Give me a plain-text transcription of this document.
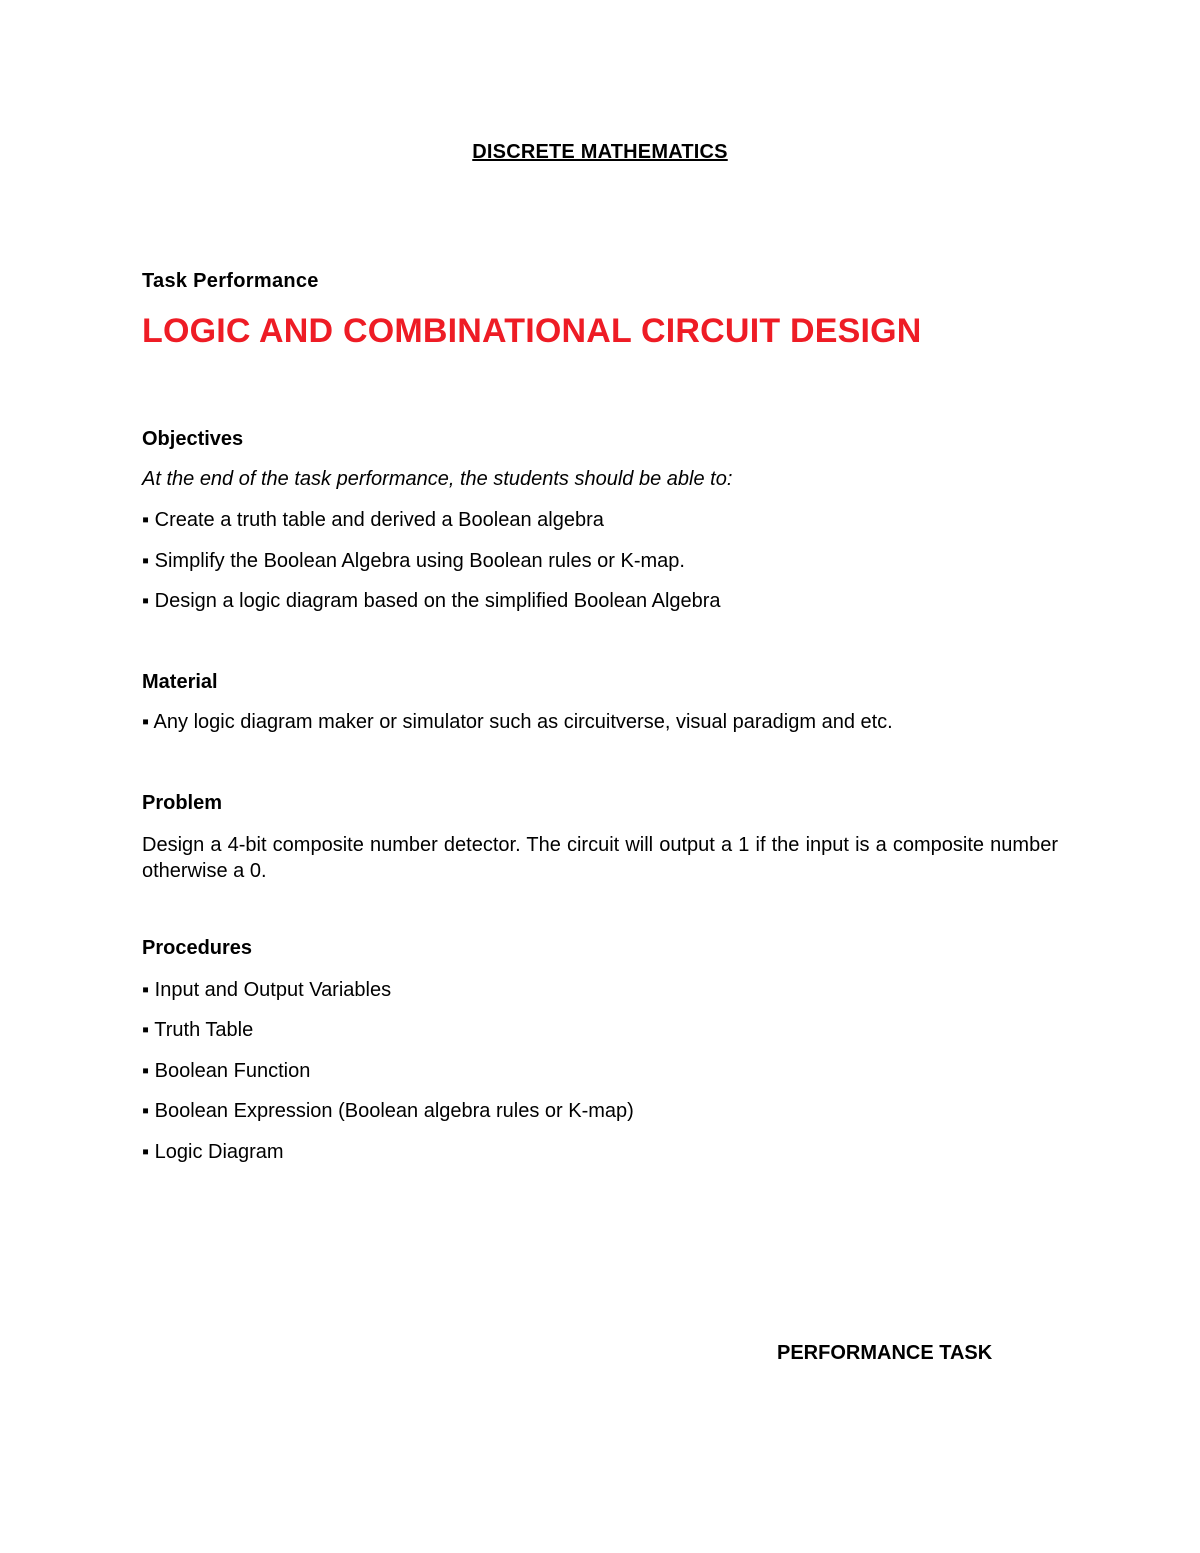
DISCRETE MATHEMATICS
Task Performance
LOGIC AND COMBINATIONAL CIRCUIT DESIGN
Objectives
At the end of the task performance, the students should be able to:
▪ Create a truth table and derived a Boolean algebra
▪ Simplify the Boolean Algebra using Boolean rules or K-map.
▪ Design a logic diagram based on the simplified Boolean Algebra
Material
▪ Any logic diagram maker or simulator such as circuitverse, visual paradigm and etc.
Problem
Design a 4-bit composite number detector. The circuit will output a 1 if the input is a composite number otherwise a 0.
Procedures
▪ Input and Output Variables
▪ Truth Table
▪ Boolean Function
▪ Boolean Expression (Boolean algebra rules or K-map)
▪ Logic Diagram
PERFORMANCE TASK
